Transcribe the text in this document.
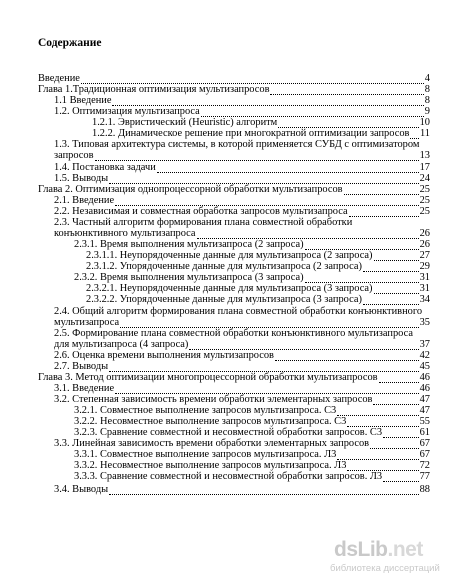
Содержание
Введение	4
Глава 1.Традиционная оптимизация мультизапросов	8
1.1 Введение	8
1.2. Оптимизация мультизапроса	9
1.2.1. Эвристический (Heuristic) алгоритм	10
1.2.2. Динамическое решение при многократной оптимизации запросов 11
1.3. Типовая архитектура системы, в которой применяется СУБД с оптимизатором
запросов	13
1.4. Постановка задачи	17
1.5. Выводы	24
Глава 2. Оптимизация однопроцессорной обработки мультизапросов	25
2.1. Введение	25
2.2. Независимая и совместная обработка запросов мультизапроса	25
2.3. Частный алгоритм формирования плана совместной обработки
конъюнктивного мультизапроса	26
2.3.1. Время выполнения мультизапроса (2 запроса)	26
2.3.1.1. Неупорядоченные данные для мультизапроса (2 запроса)	27
2.3.1.2. Упорядоченные данные для мультизапроса (2 запроса)	29
2.3.2. Время выполнения мультизапроса (3 запроса)	31
2.3.2.1. Неупорядоченные данные для мультизапроса (3 запроса)	31
2.3.2.2. Упорядоченные данные для мультизапроса (3 запроса)	34
2.4. Общий алгоритм формирования плана совместной обработки конъюнктивного
мультизапроса	35
2.5. Формирование плана совместной обработки конъюнктивного мультизапроса
для мультизапроса (4 запроса)	37
2.6. Оценка времени выполнения мультизапросов	42
2.7. Выводы	45
Глава 3. Метод оптимизации многопроцессорной обработки мультизапросов	46
3.1. Введение	46
3.2. Степенная зависимость времени обработки элементарных запросов	47
3.2.1. Совместное выполнение запросов мультизапроса. С3	47
3.2.2. Несовместное выполнение запросов мультизапроса. С3	55
3.2.3. Сравнение совместной и несовместной обработки запросов. С3	61
3.3. Линейная зависимость времени обработки элементарных запросов	67
3.3.1. Совместное выполнение запросов мультизапроса. Л3	67
3.3.2. Несовместное выполнение запросов мультизапроса. Л3	72
3.3.3. Сравнение совместной и несовместной обработки запросов. Л3	77
3.4. Выводы	88
dsLib.net
библиотека диссертаций
